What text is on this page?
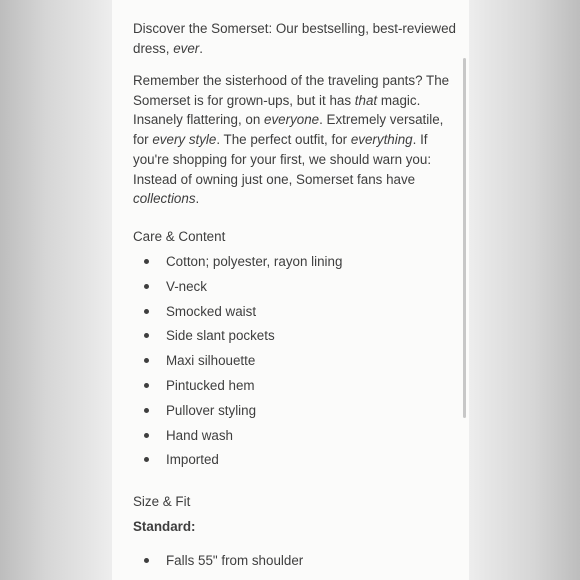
Discover the Somerset: Our bestselling, best-reviewed dress, ever.

Remember the sisterhood of the traveling pants? The Somerset is for grown-ups, but it has that magic. Insanely flattering, on everyone. Extremely versatile, for every style. The perfect outfit, for everything. If you're shopping for your first, we should warn you: Instead of owning just one, Somerset fans have collections.

Care & Content

Cotton; polyester, rayon lining
V-neck
Smocked waist
Side slant pockets
Maxi silhouette
Pintucked hem
Pullover styling
Hand wash
Imported

Size & Fit

Standard:

Falls 55" from shoulder
